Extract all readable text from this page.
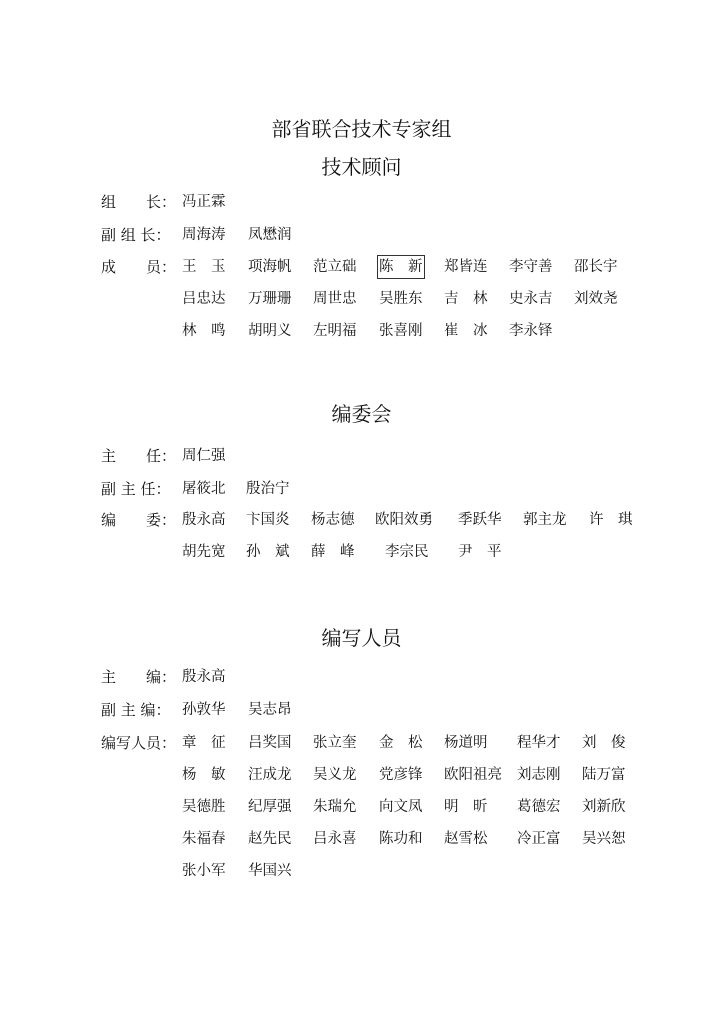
部省联合技术专家组
技术顾问
编委会
编写人员
组　　长： 冯正霖
副 组 长： 周海涛 凤懋润
成　　员： 王　玉 项海帆 范立础 陈　新 郑皆连 李守善 邵长宇
吕忠达 万珊珊 周世忠 吴胜东 吉　林 史永吉 刘效尧
林　鸣 胡明义 左明福 张喜刚 崔　冰 李永铎
主　　任： 周仁强
副 主 任： 屠筱北 殷治宁
编　　委： 殷永高 卞国炎 杨志德 欧阳效勇 季跃华 郭主龙 许　琪
胡先宽 孙　斌 薛　峰 李宗民 尹　平
主　　编： 殷永高
副 主 编： 孙敦华 吴志昂
编写人员： 章　征 吕奖国 张立奎 金　松 杨道明 程华才 刘　俊
杨　敏 汪成龙 吴义龙 党彦锋 欧阳祖亮 刘志刚 陆万富
吴德胜 纪厚强 朱瑞允 向文凤 明　昕 葛德宏 刘新欣
朱福春 赵先民 吕永喜 陈功和 赵雪松 冷正富 吴兴恕
张小军 华国兴
